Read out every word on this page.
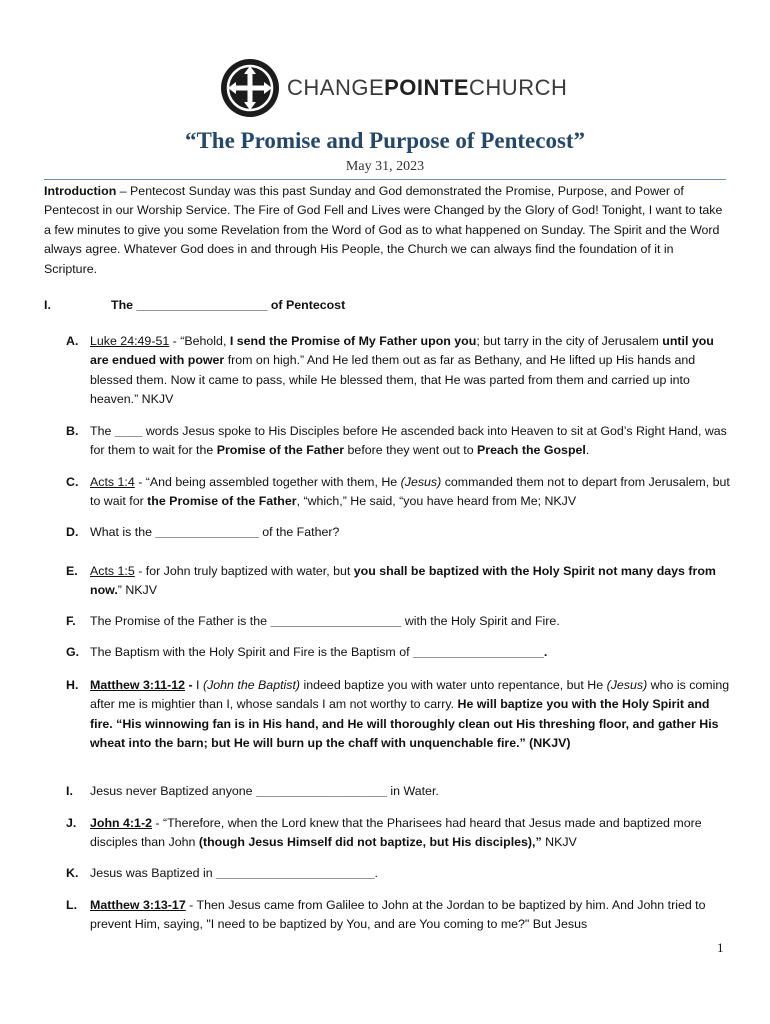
CHANGEPOINTECHURCH
“The Promise and Purpose of Pentecost”
May 31, 2023
Introduction – Pentecost Sunday was this past Sunday and God demonstrated the Promise, Purpose, and Power of Pentecost in our Worship Service. The Fire of God Fell and Lives were Changed by the Glory of God! Tonight, I want to take a few minutes to give you some Revelation from the Word of God as to what happened on Sunday. The Spirit and the Word always agree. Whatever God does in and through His People, the Church we can always find the foundation of it in Scripture.
I.	The ___________________ of Pentecost
A. Luke 24:49-51 - “Behold, I send the Promise of My Father upon you; but tarry in the city of Jerusalem until you are endued with power from on high.” And He led them out as far as Bethany, and He lifted up His hands and blessed them. Now it came to pass, while He blessed them, that He was parted from them and carried up into heaven.” NKJV
B. The ____ words Jesus spoke to His Disciples before He ascended back into Heaven to sit at God’s Right Hand, was for them to wait for the Promise of the Father before they went out to Preach the Gospel.
C. Acts 1:4 - “And being assembled together with them, He (Jesus) commanded them not to depart from Jerusalem, but to wait for the Promise of the Father, “which,” He said, “you have heard from Me; NKJV
D. What is the _______________ of the Father?
E. Acts 1:5 - for John truly baptized with water, but you shall be baptized with the Holy Spirit not many days from now.” NKJV
F. The Promise of the Father is the ___________________ with the Holy Spirit and Fire.
G. The Baptism with the Holy Spirit and Fire is the Baptism of ___________________.
H. Matthew 3:11-12 - I (John the Baptist) indeed baptize you with water unto repentance, but He (Jesus) who is coming after me is mightier than I, whose sandals I am not worthy to carry. He will baptize you with the Holy Spirit and fire. “His winnowing fan is in His hand, and He will thoroughly clean out His threshing floor, and gather His wheat into the barn; but He will burn up the chaff with unquenchable fire.” (NKJV)
I. Jesus never Baptized anyone ___________________ in Water.
J. John 4:1-2 - “Therefore, when the Lord knew that the Pharisees had heard that Jesus made and baptized more disciples than John (though Jesus Himself did not baptize, but His disciples),” NKJV
K. Jesus was Baptized in _______________________.
L. Matthew 3:13-17 - Then Jesus came from Galilee to John at the Jordan to be baptized by him. And John tried to prevent Him, saying, "I need to be baptized by You, and are You coming to me?" But Jesus
1
